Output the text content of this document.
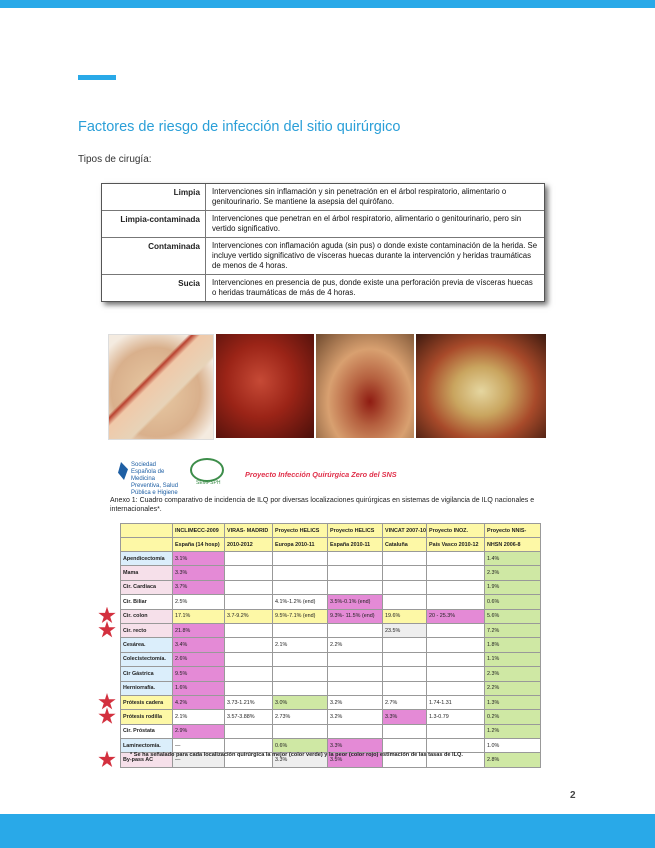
Factores de riesgo de infección del sitio quirúrgico
Tipos de cirugía:
Limpia	Intervenciones sin inflamación y sin penetración en el árbol respiratorio, alimentario o genitourinario. Se mantiene la asepsia del quirófano.
Limpia-contaminada	Intervenciones que penetran en el árbol respiratorio, alimentario o genitourinario, pero sin vertido significativo.
Contaminada	Intervenciones con inflamación aguda (sin pus) o donde existe contaminación de la herida. Se incluye vertido significativo de vísceras huecas durante la intervención y heridas traumáticas de menos de 4 horas.
Sucia	Intervenciones en presencia de pus, donde existe una perforación previa de vísceras huecas o heridas traumáticas de más de 4 horas.
Sociedad Española de Medicina Preventiva, Salud Pública e Higiene
SEMPSPH
Proyecto Infección Quirúrgica Zero del SNS
Anexo 1: Cuadro comparativo de incidencia de ILQ por diversas localizaciones quirúrgicas en sistemas de vigilancia de ILQ nacionales e internacionales*.
	INCLIMECC-2009	VIRAS- MADRID	Proyecto HELICS	Proyecto HELICS	VINCAT 2007-10	Proyecto INOZ.	Proyecto NNIS-
	España (14 hosp)	2010-2012	Europa 2010-11	España 2010-11	Cataluña	País Vasco 2010-12	NHSN 2006-8
Apendicectomía	3.1%						1.4%
Mama	3.3%						2.3%
Cir. Cardiaca	3.7%						1.9%
Cir. Biliar	2.5%		4.1%-1.2% (end)	3.5%-0.1% (end)			0.6%
Cir. colon	17.1%	3.7-9.2%	9.5%-7.1% (end)	9.3%- 11.5% (end)	19.6%	20 - 25.3%	5.6%
Cir. recto	21.8%				23.5%		7.2%
Cesárea.	3.4%		2.1%	2.2%			1.8%
Colecistectomía.	2.6%						1.1%
Cir Gástrica	9.5%						2.3%
Herniorrafía.	1.6%						2.2%
Prótesis cadera	4.2%	3.73-1.21%	3.0%	3.2%	2.7%	1.74-1.31	1.3%
Prótesis rodilla	2.1%	3.57-3.88%	2.73%	3.2%	3.3%	1.3-0.79	0.2%
Cir. Próstata	2.9%						1.2%
Laminectomía.	—		0.6%	3.3%			1.0%
By-pass AC	—		3.3%	3.5%			2.8%
* Se ha señalado para cada localización quirúrgica la mejor (color verde) y la peor (color rojo) estimación de las tasas de ILQ.
2
